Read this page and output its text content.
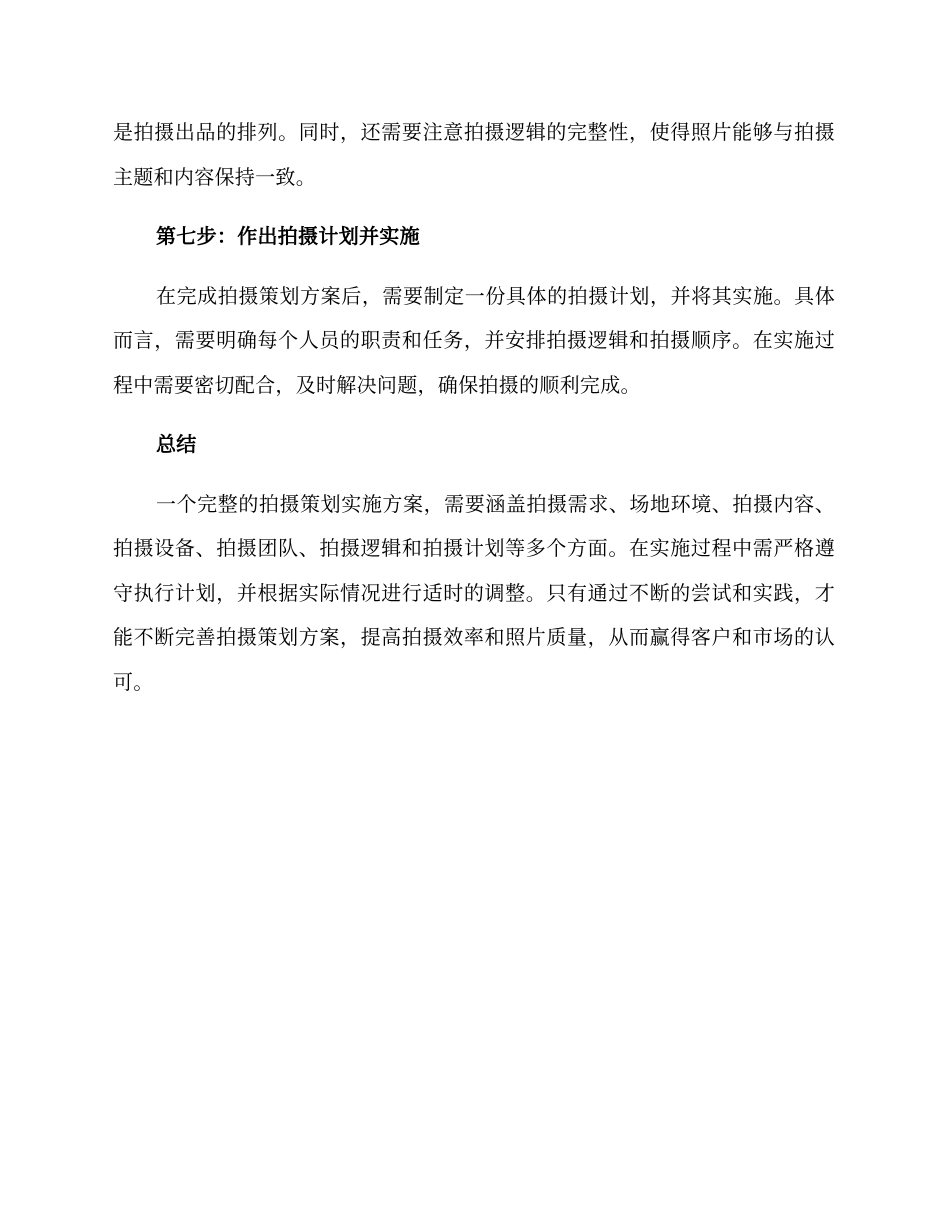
是拍摄出品的排列。同时，还需要注意拍摄逻辑的完整性，使得照片能够与拍摄主题和内容保持一致。

第七步：作出拍摄计划并实施

在完成拍摄策划方案后，需要制定一份具体的拍摄计划，并将其实施。具体而言，需要明确每个人员的职责和任务，并安排拍摄逻辑和拍摄顺序。在实施过程中需要密切配合，及时解决问题，确保拍摄的顺利完成。

总结

一个完整的拍摄策划实施方案，需要涵盖拍摄需求、场地环境、拍摄内容、拍摄设备、拍摄团队、拍摄逻辑和拍摄计划等多个方面。在实施过程中需严格遵守执行计划，并根据实际情况进行适时的调整。只有通过不断的尝试和实践，才能不断完善拍摄策划方案，提高拍摄效率和照片质量，从而赢得客户和市场的认可。
